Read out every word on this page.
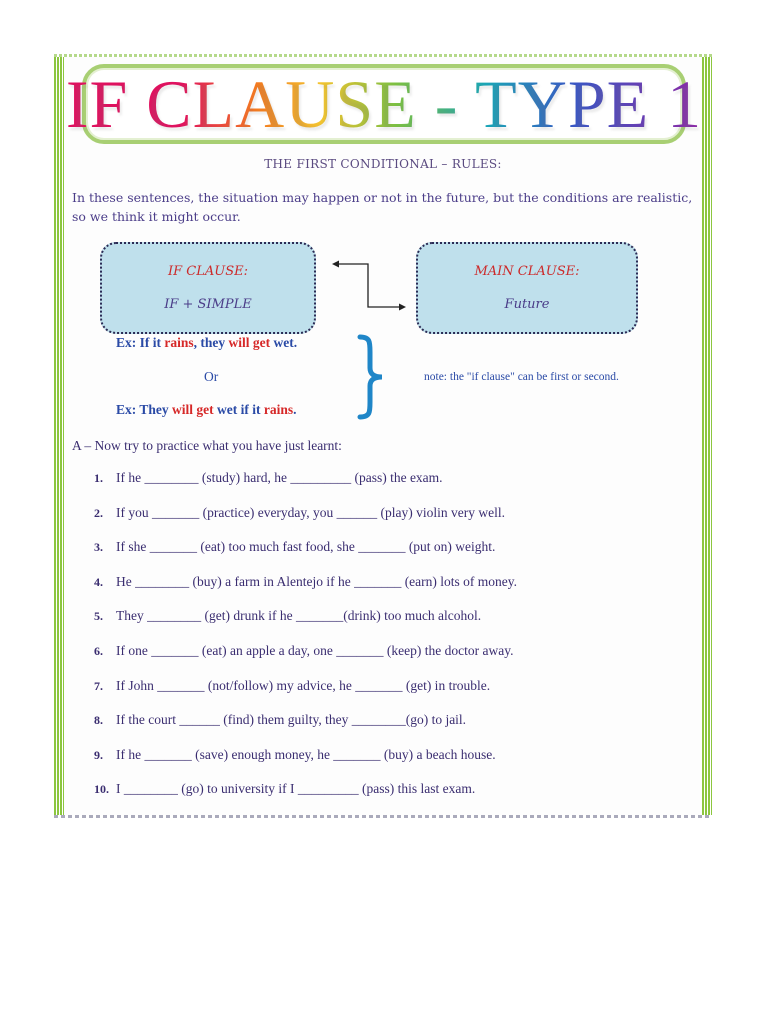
IF CLAUSE - TYPE 1
THE FIRST CONDITIONAL – RULES:
In these sentences, the situation may happen or not in the future, but the conditions are realistic, so we think it might occur.
IF CLAUSE:
IF + SIMPLE
MAIN CLAUSE:
Future
Ex: If it rains, they will get wet.
Or
Ex: They will get wet if it rains.
note: the "if clause" can be first or second.
A – Now try to practice what you have just learnt:
1. If he ________ (study) hard, he _________ (pass) the exam.
2. If you _______ (practice) everyday, you ______ (play) violin very well.
3. If she _______ (eat) too much fast food, she _______ (put on) weight.
4. He ________ (buy) a farm in Alentejo if he _______ (earn) lots of money.
5. They ________ (get) drunk if he _______(drink) too much alcohol.
6. If one _______ (eat) an apple a day, one _______ (keep) the doctor away.
7. If John _______ (not/follow) my advice, he _______ (get) in trouble.
8. If the court ______ (find) them guilty, they ________(go) to jail.
9. If he _______ (save) enough money, he _______ (buy) a beach house.
10. I ________ (go) to university if I _________ (pass) this last exam.
